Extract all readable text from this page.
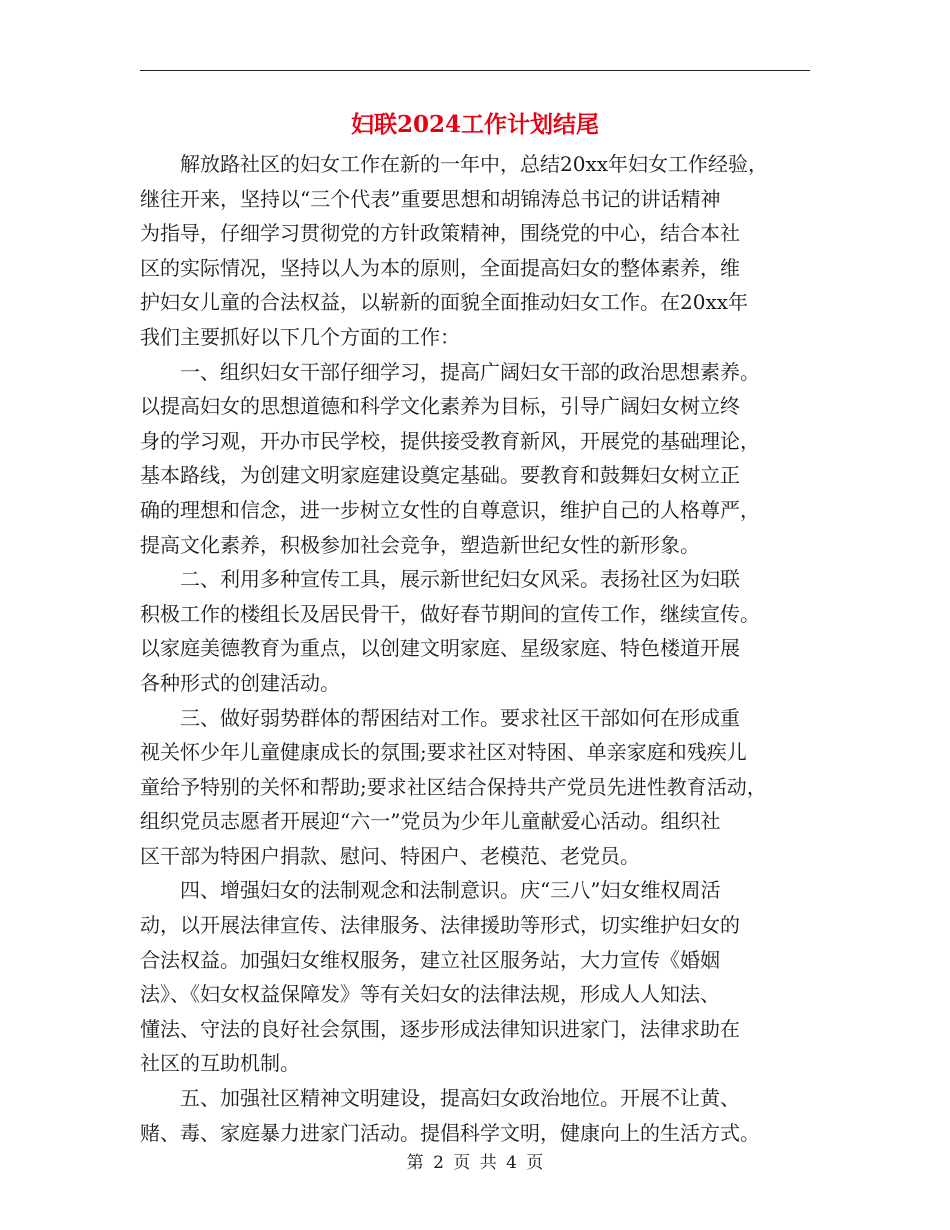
妇联2024工作计划结尾
　　解放路社区的妇女工作在新的一年中，总结20xx年妇女工作经验，
继往开来，坚持以“三个代表”重要思想和胡锦涛总书记的讲话精神
为指导，仔细学习贯彻党的方针政策精神，围绕党的中心，结合本社
区的实际情况，坚持以人为本的原则，全面提高妇女的整体素养，维
护妇女儿童的合法权益，以崭新的面貌全面推动妇女工作。在20xx年
我们主要抓好以下几个方面的工作：
　　一、组织妇女干部仔细学习，提高广阔妇女干部的政治思想素养。
以提高妇女的思想道德和科学文化素养为目标，引导广阔妇女树立终
身的学习观，开办市民学校，提供接受教育新风，开展党的基础理论，
基本路线，为创建文明家庭建设奠定基础。要教育和鼓舞妇女树立正
确的理想和信念，进一步树立女性的自尊意识，维护自己的人格尊严，
提高文化素养，积极参加社会竞争，塑造新世纪女性的新形象。
　　二、利用多种宣传工具，展示新世纪妇女风采。表扬社区为妇联
积极工作的楼组长及居民骨干，做好春节期间的宣传工作，继续宣传。
以家庭美德教育为重点，以创建文明家庭、星级家庭、特色楼道开展
各种形式的创建活动。
　　三、做好弱势群体的帮困结对工作。要求社区干部如何在形成重
视关怀少年儿童健康成长的氛围;要求社区对特困、单亲家庭和残疾儿
童给予特别的关怀和帮助;要求社区结合保持共产党员先进性教育活动，
组织党员志愿者开展迎“六一”党员为少年儿童献爱心活动。组织社
区干部为特困户捐款、慰问、特困户、老模范、老党员。
　　四、增强妇女的法制观念和法制意识。庆“三八”妇女维权周活
动，以开展法律宣传、法律服务、法律援助等形式，切实维护妇女的
合法权益。加强妇女维权服务，建立社区服务站，大力宣传《婚姻
法》、《妇女权益保障发》等有关妇女的法律法规，形成人人知法、
懂法、守法的良好社会氛围，逐步形成法律知识进家门，法律求助在
社区的互助机制。
　　五、加强社区精神文明建设，提高妇女政治地位。开展不让黄、
赌、毒、家庭暴力进家门活动。提倡科学文明，健康向上的生活方式。
第 2 页 共 4 页
